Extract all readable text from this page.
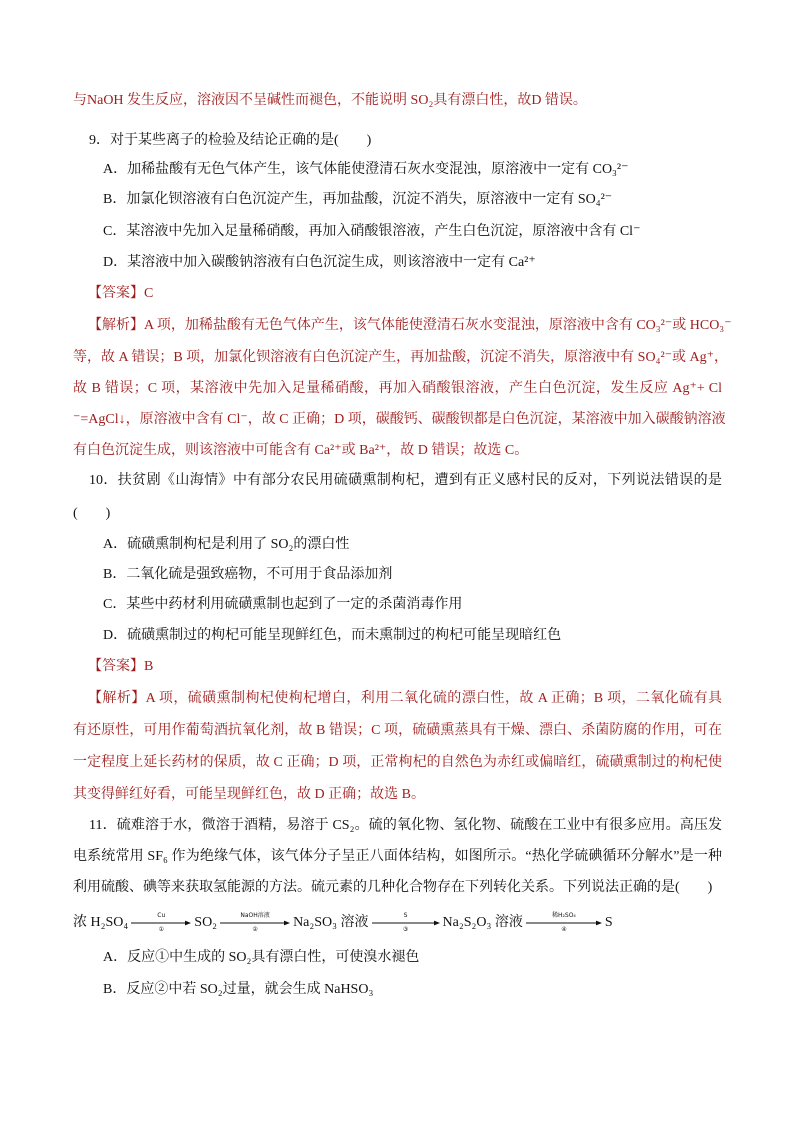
与NaOH 发生反应，溶液因不呈碱性而褪色，不能说明 SO₂具有漂白性，故D 错误。
9．对于某些离子的检验及结论正确的是(　　)
A．加稀盐酸有无色气体产生，该气体能使澄清石灰水变混浊，原溶液中一定有 CO₃²⁻
B．加氯化钡溶液有白色沉淀产生，再加盐酸，沉淀不消失，原溶液中一定有 SO₄²⁻
C．某溶液中先加入足量稀硝酸，再加入硝酸银溶液，产生白色沉淀，原溶液中含有 Cl⁻
D．某溶液中加入碳酸钠溶液有白色沉淀生成，则该溶液中一定有 Ca²⁺
【答案】C
【解析】A 项，加稀盐酸有无色气体产生，该气体能使澄清石灰水变混浊，原溶液中含有 CO₃²⁻或 HCO₃⁻
等，故 A 错误；B 项，加氯化钡溶液有白色沉淀产生，再加盐酸，沉淀不消失，原溶液中有 SO₄²⁻或 Ag⁺，
故 B 错误；C 项，某溶液中先加入足量稀硝酸，再加入硝酸银溶液，产生白色沉淀，发生反应 Ag⁺+ Cl
⁻=AgCl↓，原溶液中含有 Cl⁻，故 C 正确；D 项，碳酸钙、碳酸钡都是白色沉淀，某溶液中加入碳酸钠溶液
有白色沉淀生成，则该溶液中可能含有 Ca²⁺或 Ba²⁺，故 D 错误；故选 C。
10．扶贫剧《山海情》中有部分农民用硫磺熏制枸杞，遭到有正义感村民的反对，下列说法错误的是
(　　)
A．硫磺熏制枸杞是利用了 SO₂的漂白性
B．二氧化硫是强致癌物，不可用于食品添加剂
C．某些中药材利用硫磺熏制也起到了一定的杀菌消毒作用
D．硫磺熏制过的枸杞可能呈现鲜红色，而未熏制过的枸杞可能呈现暗红色
【答案】B
【解析】A 项，硫磺熏制枸杞使枸杞增白，利用二氧化硫的漂白性，故 A 正确；B 项，二氧化硫有具
有还原性，可用作葡萄酒抗氧化剂，故 B 错误；C 项，硫磺熏蒸具有干燥、漂白、杀菌防腐的作用，可在
一定程度上延长药材的保质，故 C 正确；D 项，正常枸杞的自然色为赤红或偏暗红，硫磺熏制过的枸杞使
其变得鲜红好看，可能呈现鲜红色，故 D 正确；故选 B。
11．硫难溶于水，微溶于酒精，易溶于 CS₂。硫的氧化物、氢化物、硫酸在工业中有很多应用。高压发
电系统常用 SF₆ 作为绝缘气体，该气体分子呈正八面体结构，如图所示。“热化学硫碘循环分解水”是一种
利用硫酸、碘等来获取氢能源的方法。硫元素的几种化合物存在下列转化关系。下列说法正确的是(　　)
浓 H₂SO₄	Cu
① SO₂	NaOH溶液
②	Na₂SO₃ 溶液	S
③ Na₂S₂O₃ 溶液	稀H₂SO₄
④	S
A．反应①中生成的 SO₂具有漂白性，可使溴水褪色
B．反应②中若 SO₂过量，就会生成 NaHSO₃
